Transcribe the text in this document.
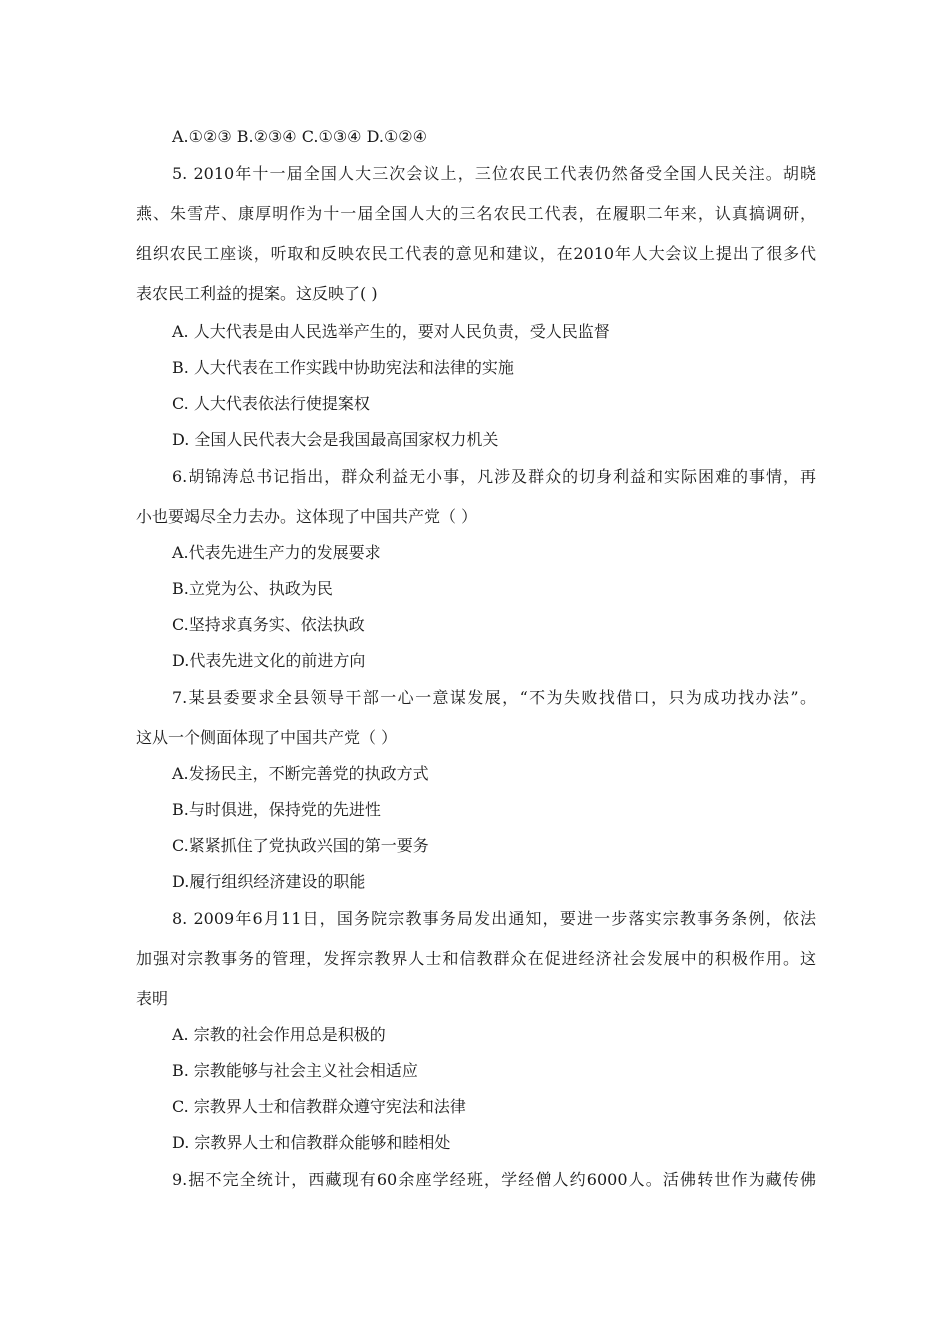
A.①②③ B.②③④ C.①③④ D.①②④
5. 2010年十一届全国人大三次会议上，三位农民工代表仍然备受全国人民关注。胡晓
燕、朱雪芹、康厚明作为十一届全国人大的三名农民工代表，在履职二年来，认真搞调研，
组织农民工座谈，听取和反映农民工代表的意见和建议，在2010年人大会议上提出了很多代
表农民工利益的提案。这反映了( )
A. 人大代表是由人民选举产生的，要对人民负责，受人民监督
B. 人大代表在工作实践中协助宪法和法律的实施
C. 人大代表依法行使提案权
D. 全国人民代表大会是我国最高国家权力机关
6.胡锦涛总书记指出，群众利益无小事，凡涉及群众的切身利益和实际困难的事情，再
小也要竭尽全力去办。这体现了中国共产党（ ）
A.代表先进生产力的发展要求
B.立党为公、执政为民
C.坚持求真务实、依法执政
D.代表先进文化的前进方向
7.某县委要求全县领导干部一心一意谋发展，“不为失败找借口，只为成功找办法”。
这从一个侧面体现了中国共产党（ ）
A.发扬民主，不断完善党的执政方式
B.与时俱进，保持党的先进性
C.紧紧抓住了党执政兴国的第一要务
D.履行组织经济建设的职能
8. 2009年6月11日，国务院宗教事务局发出通知，要进一步落实宗教事务条例，依法
加强对宗教事务的管理，发挥宗教界人士和信教群众在促进经济社会发展中的积极作用。这
表明
A. 宗教的社会作用总是积极的
B. 宗教能够与社会主义社会相适应
C. 宗教界人士和信教群众遵守宪法和法律
D. 宗教界人士和信教群众能够和睦相处
9.据不完全统计，西藏现有60余座学经班，学经僧人约6000人。活佛转世作为藏传佛
